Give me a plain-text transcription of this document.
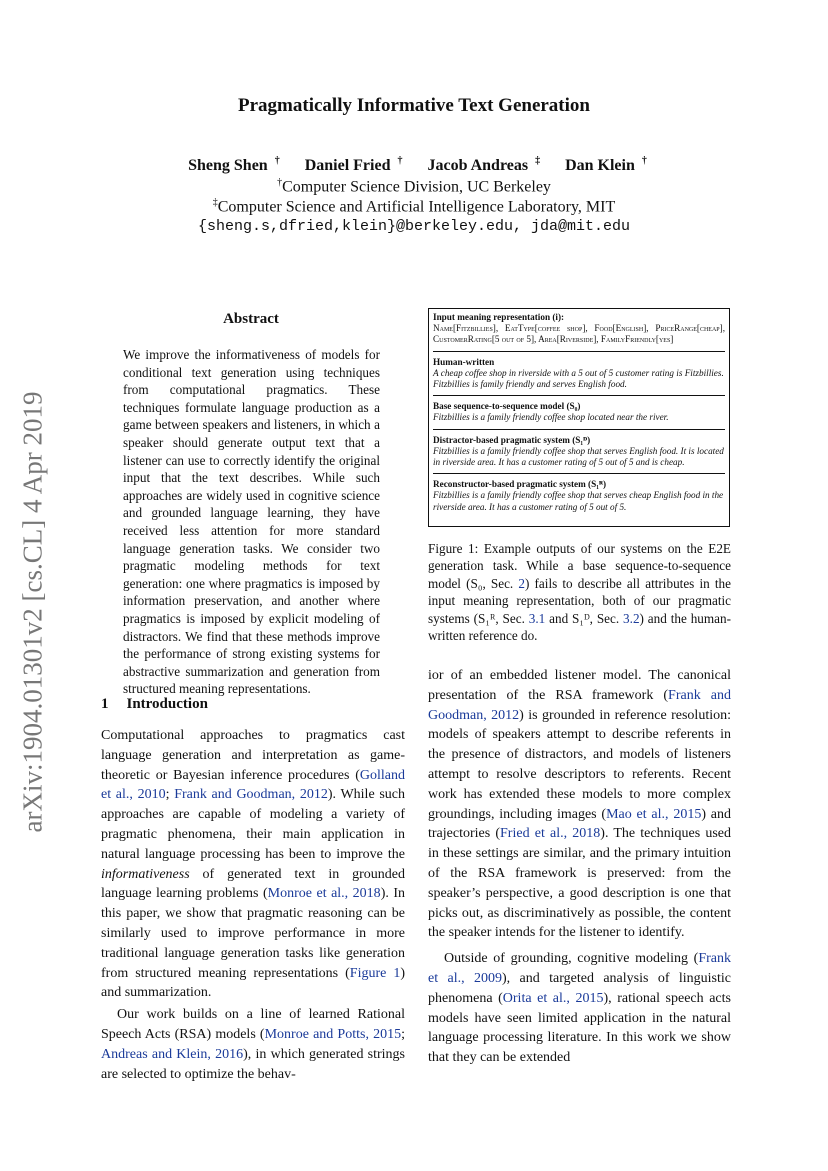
Pragmatically Informative Text Generation
Sheng Shen † Daniel Fried † Jacob Andreas ‡ Dan Klein †
†Computer Science Division, UC Berkeley
‡Computer Science and Artificial Intelligence Laboratory, MIT
{sheng.s,dfried,klein}@berkeley.edu, jda@mit.edu
arXiv:1904.01301v2 [cs.CL] 4 Apr 2019
Abstract
We improve the informativeness of models for conditional text generation using techniques from computational pragmatics. These techniques formulate language production as a game between speakers and listeners, in which a speaker should generate output text that a listener can use to correctly identify the original input that the text describes. While such approaches are widely used in cognitive science and grounded language learning, they have received less attention for more standard language generation tasks. We consider two pragmatic modeling methods for text generation: one where pragmatics is imposed by information preservation, and another where pragmatics is imposed by explicit modeling of distractors. We find that these methods improve the performance of strong existing systems for abstractive summarization and generation from structured meaning representations.
1 Introduction

Computational approaches to pragmatics cast language generation and interpretation as game-theoretic or Bayesian inference procedures (Golland et al., 2010; Frank and Goodman, 2012). While such approaches are capable of modeling a variety of pragmatic phenomena, their main application in natural language processing has been to improve the informativeness of generated text in grounded language learning problems (Monroe et al., 2018). In this paper, we show that pragmatic reasoning can be similarly used to improve performance in more traditional language generation tasks like generation from structured meaning representations (Figure 1) and summarization.

Our work builds on a line of learned Rational Speech Acts (RSA) models (Monroe and Potts, 2015; Andreas and Klein, 2016), in which generated strings are selected to optimize the behav-

Input meaning representation (i):

Name[Fitzbillies], EatType[coffee shop], Food[English], PriceRange[cheap], CustomerRating[5 out of 5], Area[Riverside], FamilyFriendly[yes]
Human-written
A cheap coffee shop in riverside with a 5 out of 5 customer rating is Fitzbillies. Fitzbillies is family friendly and serves English food.
Base sequence-to-sequence model (S₀)
Fitzbillies is a family friendly coffee shop located near the river.
Distractor-based pragmatic system (S₁ᴰ)
Fitzbillies is a family friendly coffee shop that serves English food. It is located in riverside area. It has a customer rating of 5 out of 5 and is cheap.
Reconstructor-based pragmatic system (S₁ᴿ)
Fitzbillies is a family friendly coffee shop that serves cheap English food in the riverside area. It has a customer rating of 5 out of 5.
Figure 1: Example outputs of our systems on the E2E generation task. While a base sequence-to-sequence model (S₀, Sec. 2) fails to describe all attributes in the input meaning representation, both of our pragmatic systems (S₁ᴿ, Sec. 3.1 and S₁ᴰ, Sec. 3.2) and the human-written reference do.

ior of an embedded listener model. The canonical presentation of the RSA framework (Frank and Goodman, 2012) is grounded in reference resolution: models of speakers attempt to describe referents in the presence of distractors, and models of listeners attempt to resolve descriptors to referents. Recent work has extended these models to more complex groundings, including images (Mao et al., 2015) and trajectories (Fried et al., 2018). The techniques used in these settings are similar, and the primary intuition of the RSA framework is preserved: from the speaker’s perspective, a good description is one that picks out, as discriminatively as possible, the content the speaker intends for the listener to identify.

Outside of grounding, cognitive modeling (Frank et al., 2009), and targeted analysis of linguistic phenomena (Orita et al., 2015), rational speech acts models have seen limited application in the natural language processing literature. In this work we show that they can be extended
